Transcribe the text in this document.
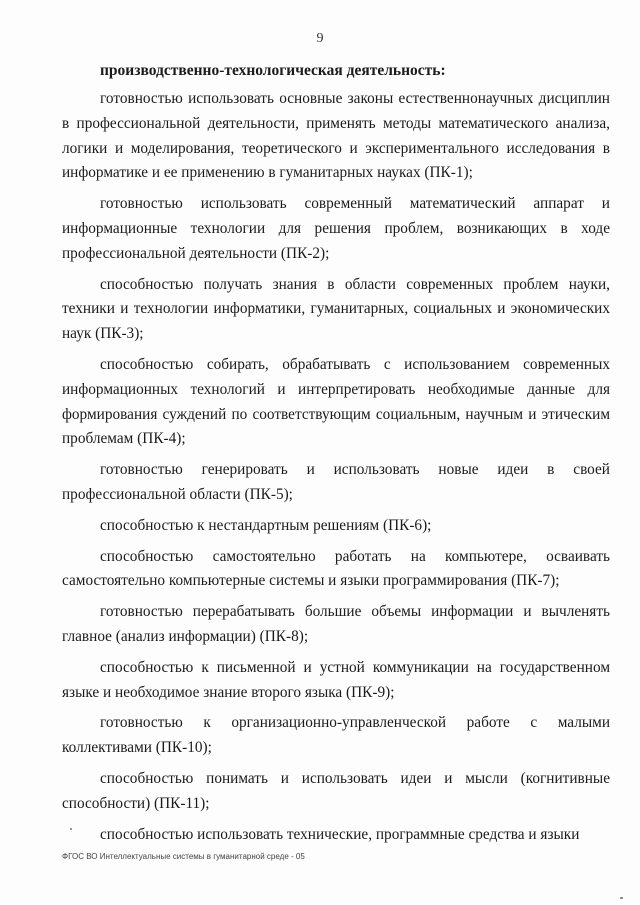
9
производственно-технологическая деятельность:

готовностью использовать основные законы естественнонаучных дисциплин в профессиональной деятельности, применять методы математического анализа, логики и моделирования, теоретического и экспериментального исследования в информатике и ее применению в гуманитарных науках (ПК-1);

готовностью использовать современный математический аппарат и информационные технологии для решения проблем, возникающих в ходе профессиональной деятельности (ПК-2);

способностью получать знания в области современных проблем науки, техники и технологии информатики, гуманитарных, социальных и экономических наук (ПК-3);

способностью собирать, обрабатывать с использованием современных информационных технологий и интерпретировать необходимые данные для формирования суждений по соответствующим социальным, научным и этическим проблемам (ПК-4);

готовностью генерировать и использовать новые идеи в своей профессиональной области (ПК-5);

способностью к нестандартным решениям (ПК-6);

способностью самостоятельно работать на компьютере, осваивать самостоятельно компьютерные системы и языки программирования (ПК-7);

готовностью перерабатывать большие объемы информации и вычленять главное (анализ информации) (ПК-8);

способностью к письменной и устной коммуникации на государственном языке и необходимое знание второго языка (ПК-9);

готовностью к организационно-управленческой работе с малыми коллективами (ПК-10);

способностью понимать и использовать идеи и мысли (когнитивные способности) (ПК-11);

способностью использовать технические, программные средства и языки

ФГОС ВО Интеллектуальные системы в гуманитарной среде - 05
